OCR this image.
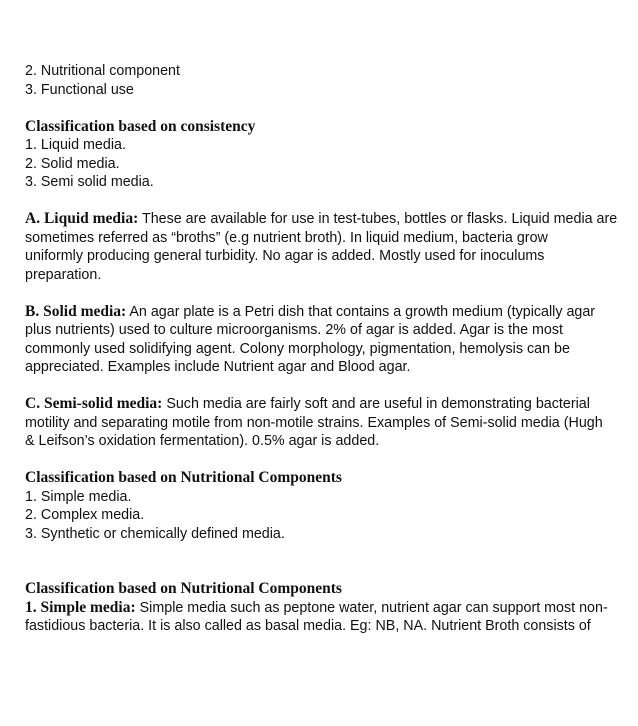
2. Nutritional component
3. Functional use
Classification based on consistency
1. Liquid media.
2. Solid media.
3. Semi solid media.
A. Liquid media: These are available for use in test-tubes, bottles or flasks. Liquid media are
sometimes referred as “broths” (e.g nutrient broth). In liquid medium, bacteria grow
uniformly producing general turbidity. No agar is added. Mostly used for inoculums
preparation.
B. Solid media: An agar plate is a Petri dish that contains a growth medium (typically agar
plus nutrients) used to culture microorganisms. 2% of agar is added. Agar is the most
commonly used solidifying agent. Colony morphology, pigmentation, hemolysis can be
appreciated. Examples include Nutrient agar and Blood agar.
C. Semi-solid media: Such media are fairly soft and are useful in demonstrating bacterial
motility and separating motile from non-motile strains. Examples of Semi-solid media (Hugh
& Leifson’s oxidation fermentation). 0.5% agar is added.
Classification based on Nutritional Components
1. Simple media.
2. Complex media.
3. Synthetic or chemically defined media.
Classification based on Nutritional Components
1. Simple media: Simple media such as peptone water, nutrient agar can support most non-
fastidious bacteria. It is also called as basal media. Eg: NB, NA. Nutrient Broth consists of
